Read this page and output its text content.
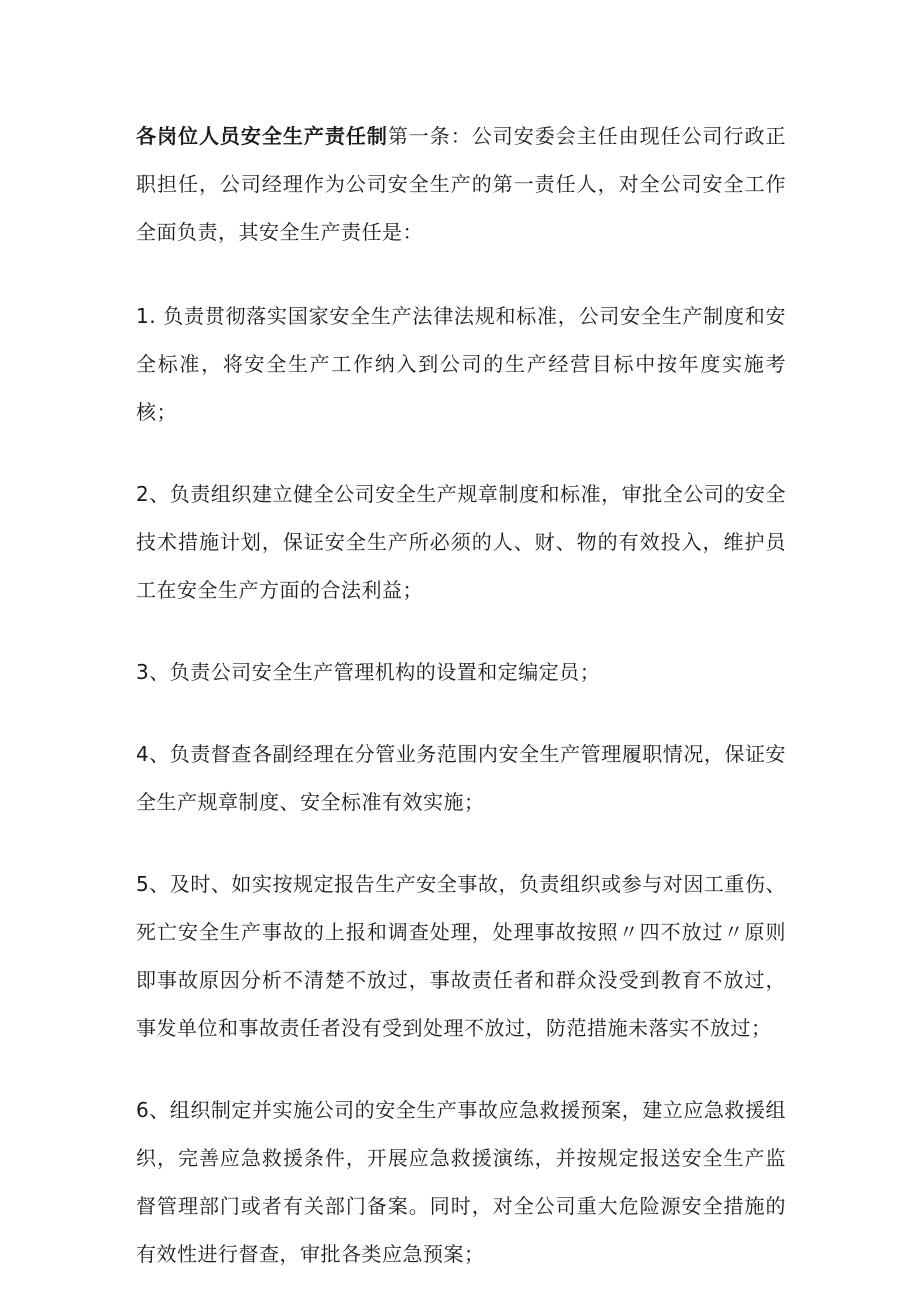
各岗位人员安全生产责任制第一条：公司安委会主任由现任公司行政正职担任，公司经理作为公司安全生产的第一责任人，对全公司安全工作全面负责，其安全生产责任是：

1. 负责贯彻落实国家安全生产法律法规和标准，公司安全生产制度和安全标准，将安全生产工作纳入到公司的生产经营目标中按年度实施考核；

2、负责组织建立健全公司安全生产规章制度和标准，审批全公司的安全技术措施计划，保证安全生产所必须的人、财、物的有效投入，维护员工在安全生产方面的合法利益；

3、负责公司安全生产管理机构的设置和定编定员；

4、负责督查各副经理在分管业务范围内安全生产管理履职情况，保证安全生产规章制度、安全标准有效实施；

5、及时、如实按规定报告生产安全事故，负责组织或参与对因工重伤、死亡安全生产事故的上报和调查处理，处理事故按照〃四不放过〃原则即事故原因分析不清楚不放过，事故责任者和群众没受到教育不放过，事发单位和事故责任者没有受到处理不放过，防范措施未落实不放过；

6、组织制定并实施公司的安全生产事故应急救援预案，建立应急救援组织，完善应急救援条件，开展应急救援演练，并按规定报送安全生产监督管理部门或者有关部门备案。同时，对全公司重大危险源安全措施的有效性进行督查，审批各类应急预案；
